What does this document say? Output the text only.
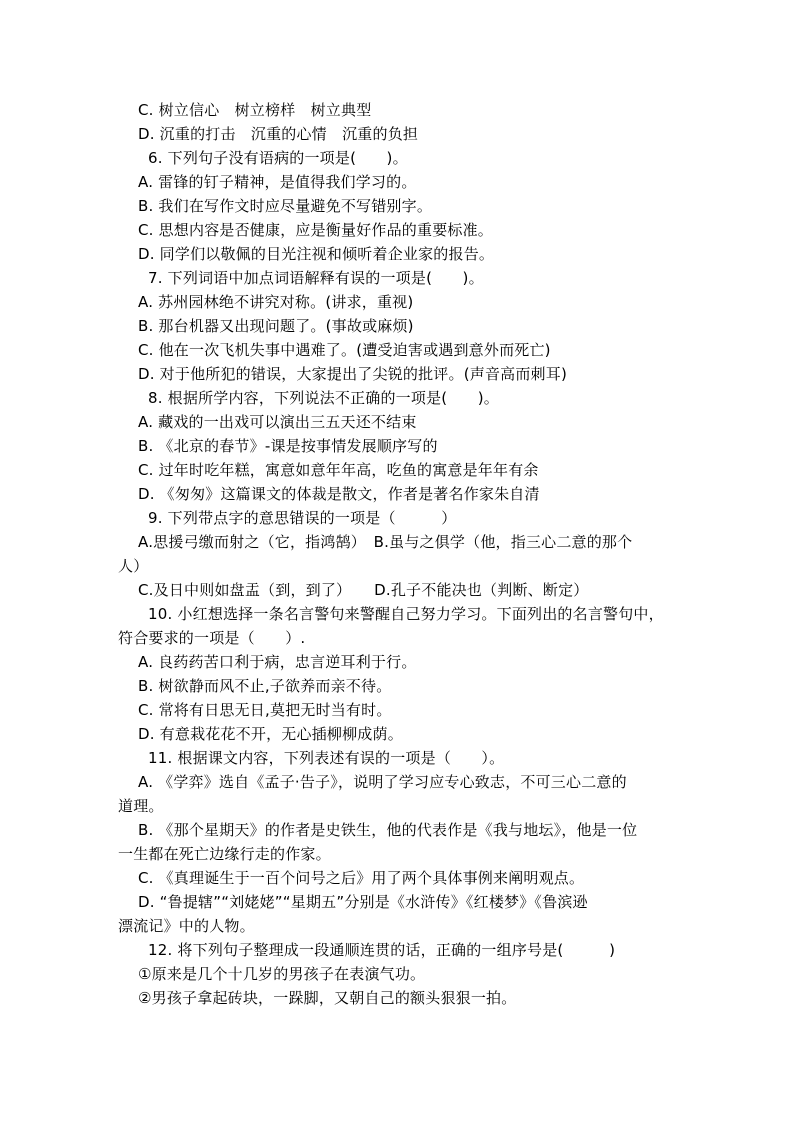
C. 树立信心　树立榜样　树立典型
D. 沉重的打击　沉重的心情　沉重的负担
6. 下列句子没有语病的一项是(　　)。
A. 雷锋的钉子精神，是值得我们学习的。
B. 我们在写作文时应尽量避免不写错别字。
C. 思想内容是否健康，应是衡量好作品的重要标准。
D. 同学们以敬佩的目光注视和倾听着企业家的报告。
7. 下列词语中加点词语解释有误的一项是(　　)。
A. 苏州园林绝不讲究对称。(讲求，重视)
B. 那台机器又出现问题了。(事故或麻烦)
C. 他在一次飞机失事中遇难了。(遭受迫害或遇到意外而死亡)
D. 对于他所犯的错误，大家提出了尖锐的批评。(声音高而刺耳)
8. 根据所学内容，下列说法不正确的一项是(　　)。
A. 藏戏的一出戏可以演出三五天还不结束
B. 《北京的春节》-课是按事情发展顺序写的
C. 过年时吃年糕，寓意如意年年高，吃鱼的寓意是年年有余
D. 《匆匆》这篇课文的体裁是散文，作者是著名作家朱自清
9. 下列带点字的意思错误的一项是（　　　）
A.思援弓缴而射之（它，指鸿鹄）　B.虽与之俱学（他，指三心二意的那个
人）
C.及日中则如盘盂（到，到了）　　D.孔子不能决也（判断、断定）
10. 小红想选择一条名言警句来警醒自己努力学习。下面列出的名言警句中，
符合要求的一项是（　　）.
A. 良药药苦口利于病，忠言逆耳利于行。
B. 树欲静而风不止,子欲养而亲不待。
C. 常将有日思无日,莫把无时当有时。
D. 有意栽花花不开，无心插柳柳成荫。
11. 根据课文内容，下列表述有误的一项是（　　）。
A. 《学弈》选自《孟子·告子》，说明了学习应专心致志，不可三心二意的
道理。
B. 《那个星期天》的作者是史铁生，他的代表作是《我与地坛》，他是一位
一生都在死亡边缘行走的作家。
C. 《真理诞生于一百个问号之后》用了两个具体事例来阐明观点。
D. “鲁提辖”“刘姥姥”“星期五”分别是《水浒传》《红楼梦》《鲁滨逊
漂流记》中的人物。
12. 将下列句子整理成一段通顺连贯的话，正确的一组序号是(　　　)
①原来是几个十几岁的男孩子在表演气功。
②男孩子拿起砖块，一跺脚，又朝自己的额头狠狠一拍。
